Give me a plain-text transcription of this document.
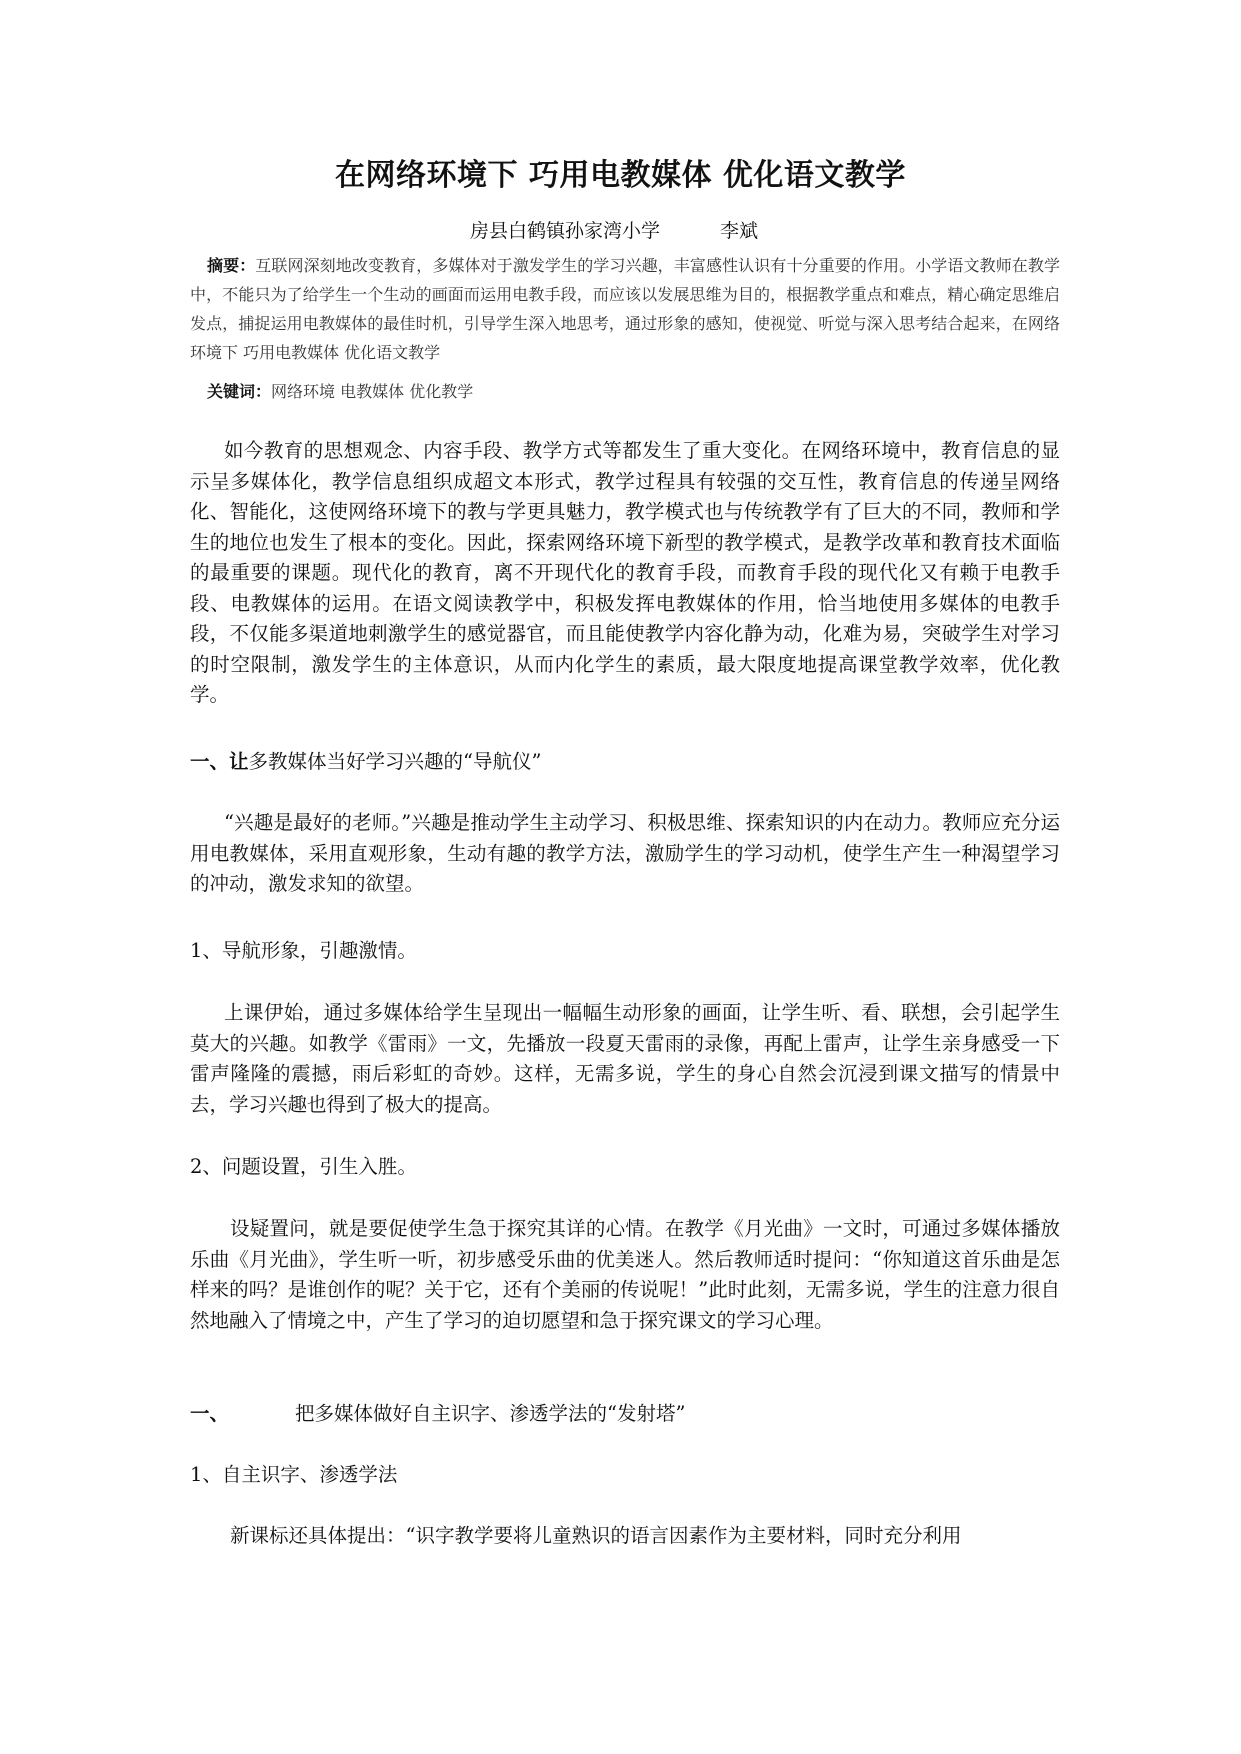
在网络环境下 巧用电教媒体 优化语文教学
房县白鹤镇孙家湾小学	李斌
摘要：互联网深刻地改变教育，多媒体对于激发学生的学习兴趣，丰富感性认识有十分重要的作用。小学语文教师在教学中，不能只为了给学生一个生动的画面而运用电教手段，而应该以发展思维为目的，根据教学重点和难点，精心确定思维启发点，捕捉运用电教媒体的最佳时机，引导学生深入地思考，通过形象的感知，使视觉、听觉与深入思考结合起来，在网络环境下 巧用电教媒体 优化语文教学
关键词：网络环境 电教媒体 优化教学
如今教育的思想观念、内容手段、教学方式等都发生了重大变化。在网络环境中，教育信息的显示呈多媒体化，教学信息组织成超文本形式，教学过程具有较强的交互性，教育信息的传递呈网络化、智能化，这使网络环境下的教与学更具魅力，教学模式也与传统教学有了巨大的不同，教师和学生的地位也发生了根本的变化。因此，探索网络环境下新型的教学模式，是教学改革和教育技术面临的最重要的课题。现代化的教育，离不开现代化的教育手段，而教育手段的现代化又有赖于电教手段、电教媒体的运用。在语文阅读教学中，积极发挥电教媒体的作用，恰当地使用多媒体的电教手段，不仅能多渠道地刺激学生的感觉器官，而且能使教学内容化静为动，化难为易，突破学生对学习的时空限制，激发学生的主体意识，从而内化学生的素质，最大限度地提高课堂教学效率，优化教学。
一、让多教媒体当好学习兴趣的“导航仪”
“兴趣是最好的老师。”兴趣是推动学生主动学习、积极思维、探索知识的内在动力。教师应充分运用电教媒体，采用直观形象，生动有趣的教学方法，激励学生的学习动机，使学生产生一种渴望学习的冲动，激发求知的欲望。
1、导航形象，引趣激情。
上课伊始，通过多媒体给学生呈现出一幅幅生动形象的画面，让学生听、看、联想，会引起学生莫大的兴趣。如教学《雷雨》一文，先播放一段夏天雷雨的录像，再配上雷声，让学生亲身感受一下雷声隆隆的震撼，雨后彩虹的奇妙。这样，无需多说，学生的身心自然会沉浸到课文描写的情景中去，学习兴趣也得到了极大的提高。
2、问题设置，引生入胜。
设疑置问，就是要促使学生急于探究其详的心情。在教学《月光曲》一文时，可通过多媒体播放乐曲《月光曲》，学生听一听，初步感受乐曲的优美迷人。然后教师适时提问：“你知道这首乐曲是怎样来的吗？是谁创作的呢？关于它，还有个美丽的传说呢！”此时此刻，无需多说，学生的注意力很自然地融入了情境之中，产生了学习的迫切愿望和急于探究课文的学习心理。
一、	把多媒体做好自主识字、渗透学法的“发射塔”
1、自主识字、渗透学法
新课标还具体提出：“识字教学要将儿童熟识的语言因素作为主要材料，同时充分利用
